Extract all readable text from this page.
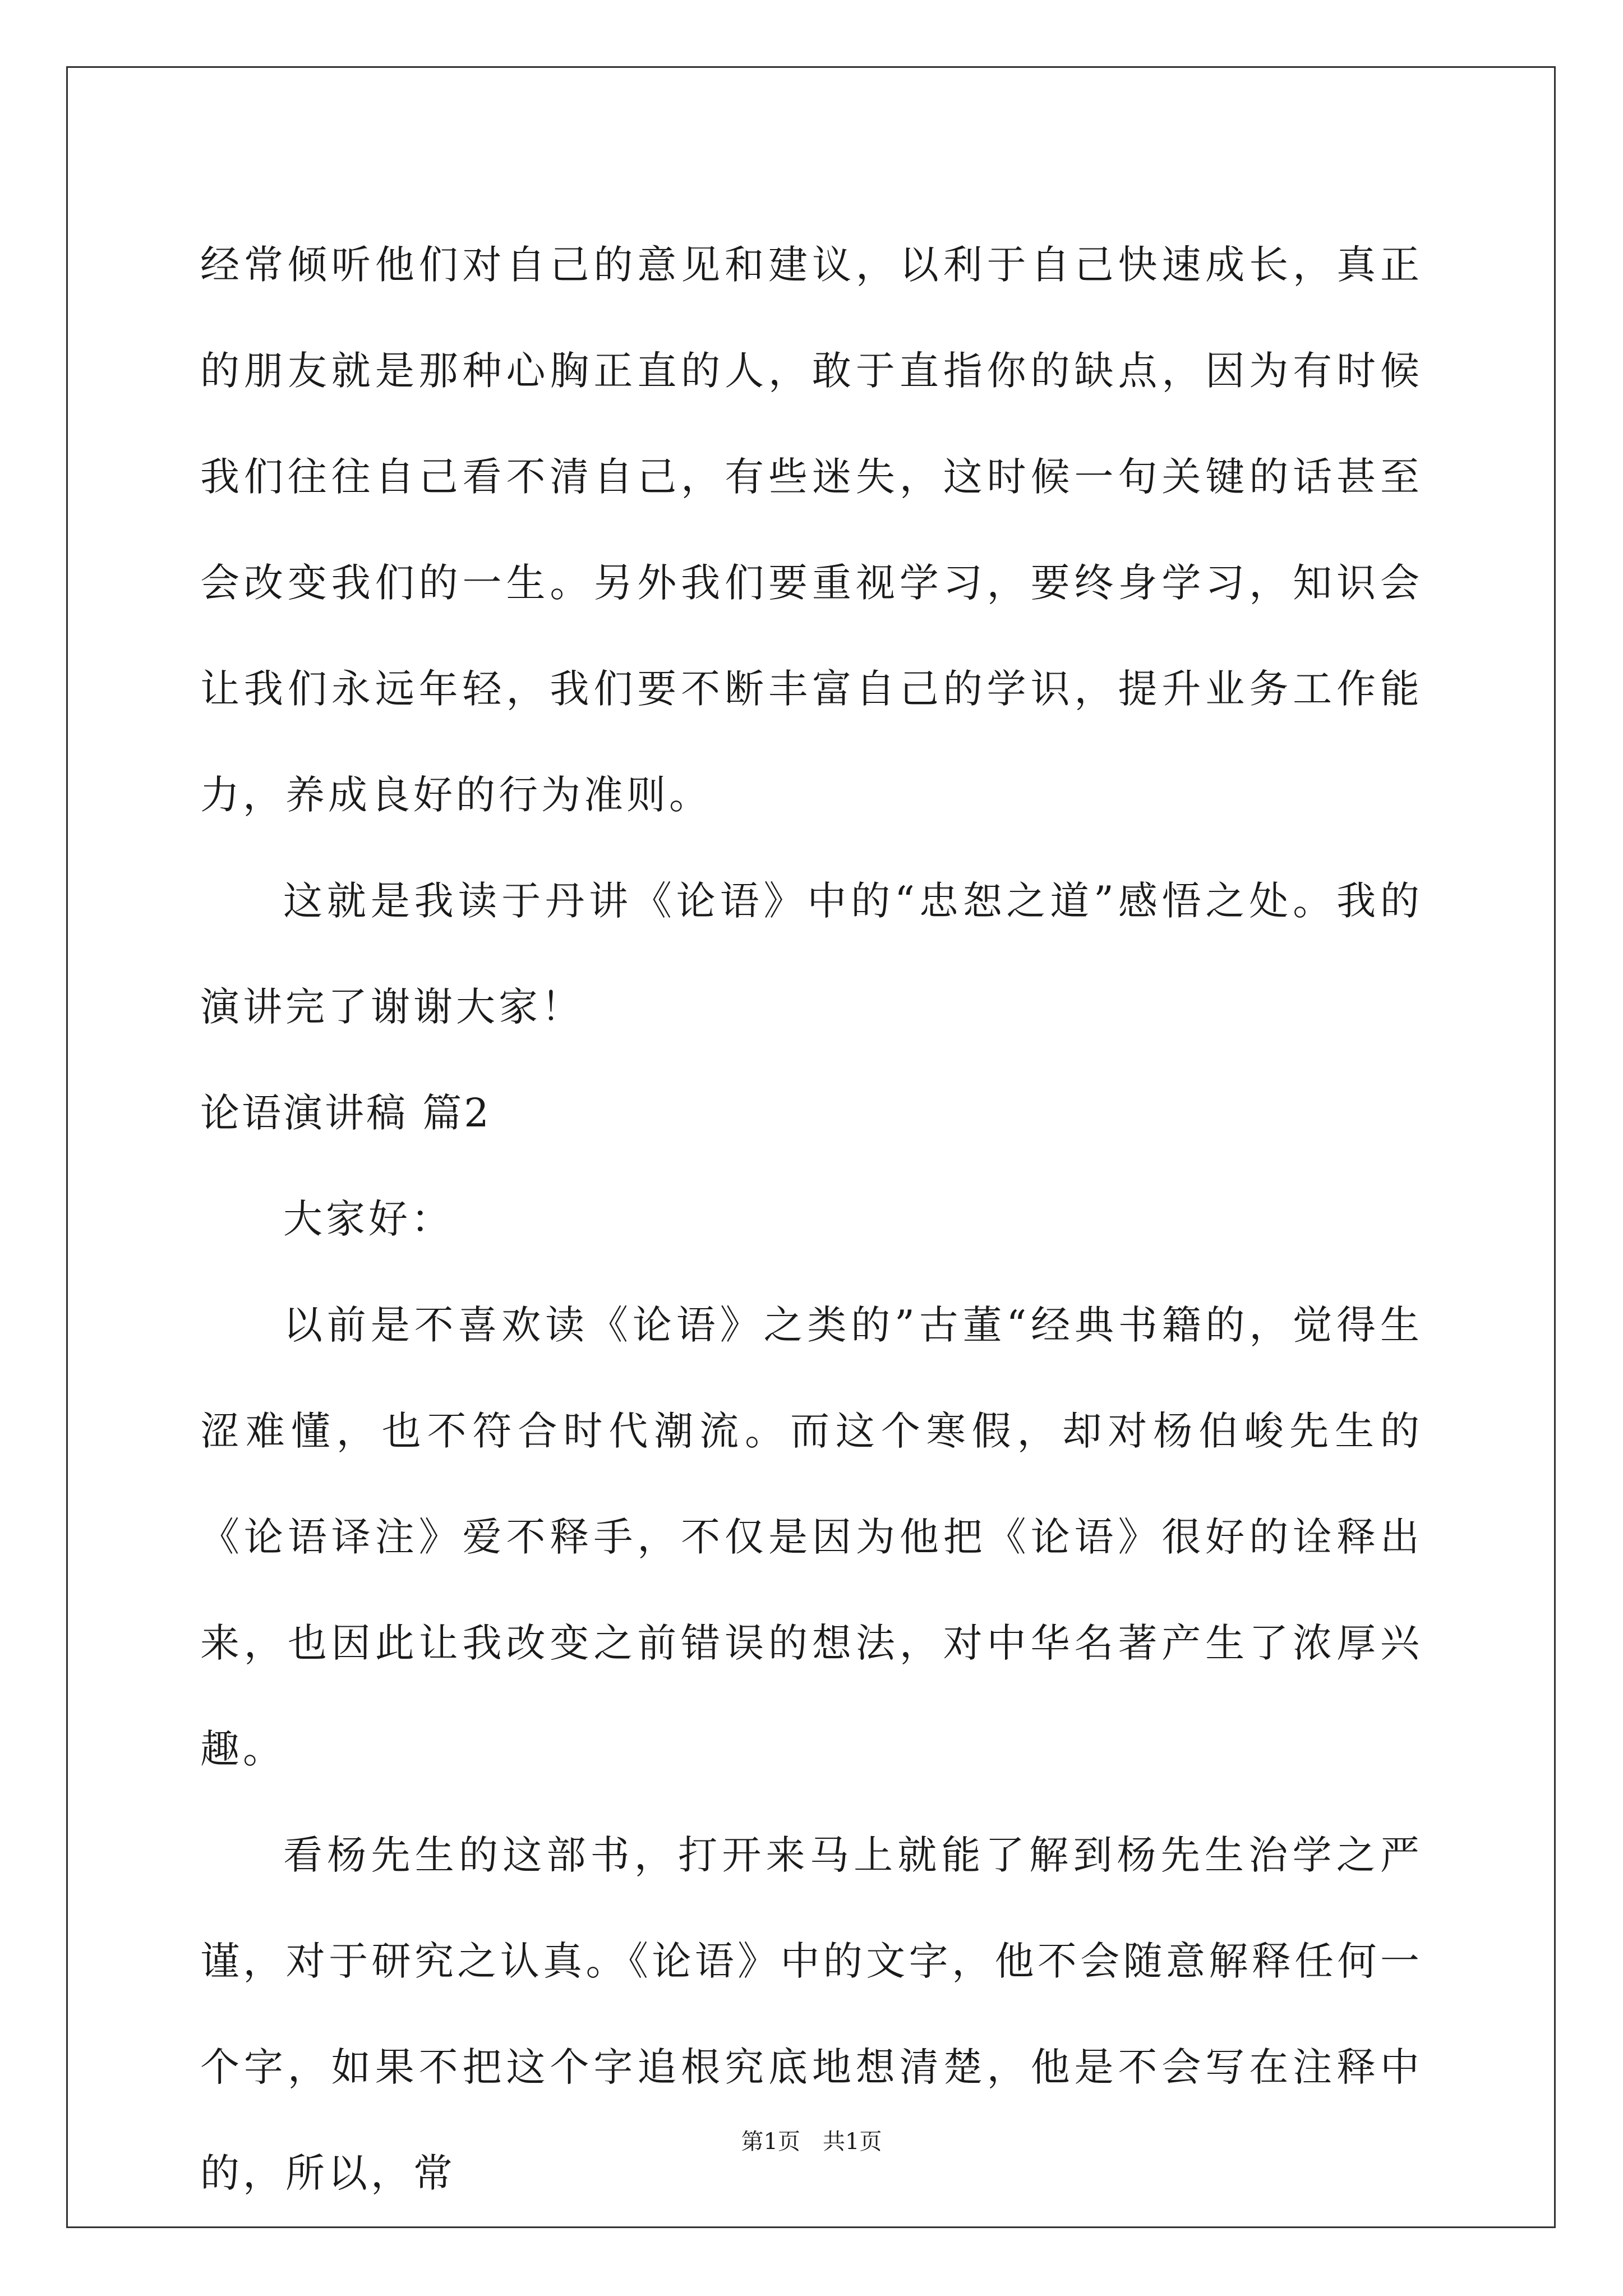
经常倾听他们对自己的意见和建议，以利于自己快速成长，真正的朋友就是那种心胸正直的人，敢于直指你的缺点，因为有时候我们往往自己看不清自己，有些迷失，这时候一句关键的话甚至会改变我们的一生。另外我们要重视学习，要终身学习，知识会让我们永远年轻，我们要不断丰富自己的学识，提升业务工作能力，养成良好的行为准则。

这就是我读于丹讲《论语》中的“忠恕之道”感悟之处。我的演讲完了谢谢大家！

论语演讲稿 篇2

大家好：

以前是不喜欢读《论语》之类的”古董“经典书籍的，觉得生涩难懂，也不符合时代潮流。而这个寒假，却对杨伯峻先生的《论语译注》爱不释手，不仅是因为他把《论语》很好的诠释出来，也因此让我改变之前错误的想法，对中华名著产生了浓厚兴趣。

看杨先生的这部书，打开来马上就能了解到杨先生治学之严谨，对于研究之认真。《论语》中的文字，他不会随意解释任何一个字，如果不把这个字追根究底地想清楚，他是不会写在注释中的，所以，常

第1页 共1页
